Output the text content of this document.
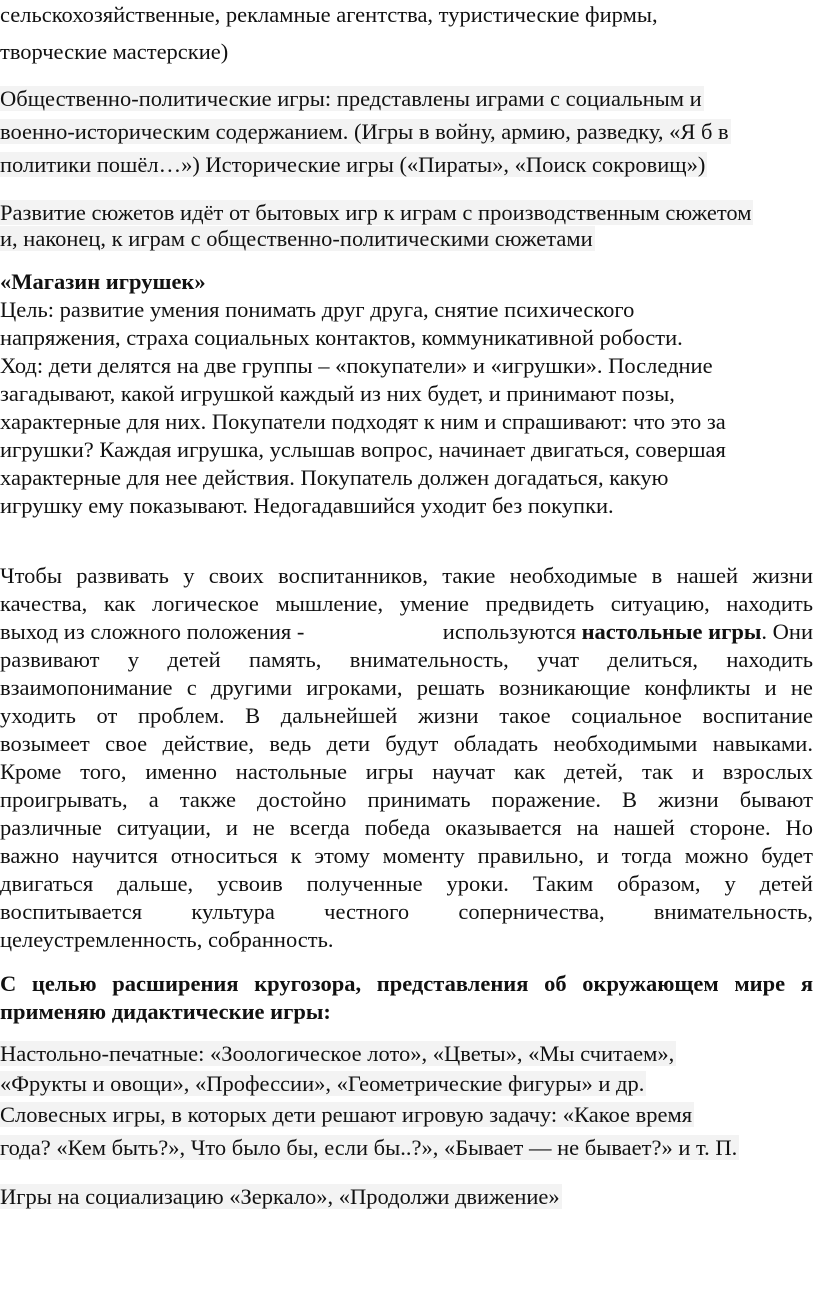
сельскохозяйственные, рекламные агентства, туристические фирмы,
творческие мастерские)
Общественно-политические игры: представлены играми с социальным и
военно-историческим содержанием. (Игры в войну, армию, разведку, «Я б в
политики пошёл…») Исторические игры («Пираты», «Поиск сокровищ»)
Развитие сюжетов идёт от бытовых игр к играм с производственным сюжетом
и, наконец, к играм с общественно-политическими сюжетами
«Магазин игрушек»
Цель: развитие умения понимать друг друга, снятие психического
напряжения, страха социальных контактов, коммуникативной робости.
Ход: дети делятся на две группы – «покупатели» и «игрушки». Последние
загадывают, какой игрушкой каждый из них будет, и принимают позы,
характерные для них. Покупатели подходят к ним и спрашивают: что это за
игрушки? Каждая игрушка, услышав вопрос, начинает двигаться, совершая
характерные для нее действия. Покупатель должен догадаться, какую
игрушку ему показывают. Недогадавшийся уходит без покупки.
Чтобы развивать у своих воспитанников, такие необходимые в нашей жизни
качества, как логическое мышление, умение предвидеть ситуацию, находить
выход из сложного положения -	используются настольные игры. Они
развивают у детей память, внимательность, учат делиться, находить
взаимопонимание с другими игроками, решать возникающие конфликты и не
уходить от проблем. В дальнейшей жизни такое социальное воспитание
возымеет свое действие, ведь дети будут обладать необходимыми навыками.
Кроме того, именно настольные игры научат как детей, так и взрослых
проигрывать, а также достойно принимать поражение. В жизни бывают
различные ситуации, и не всегда победа оказывается на нашей стороне. Но
важно научится относиться к этому моменту правильно, и тогда можно будет
двигаться дальше, усвоив полученные уроки. Таким образом, у детей
воспитывается культура честного соперничества, внимательность,
целеустремленность, собранность.
С целью расширения кругозора, представления об окружающем мире я
применяю дидактические игры:
Настольно-печатные: «Зоологическое лото», «Цветы», «Мы считаем»,
«Фрукты и овощи», «Профессии», «Геометрические фигуры» и др.
Словесных игры, в которых дети решают игровую задачу: «Какое время
года? «Кем быть?», Что было бы, если бы..?», «Бывает — не бывает?» и т. П.
Игры на социализацию «Зеркало», «Продолжи движение»
